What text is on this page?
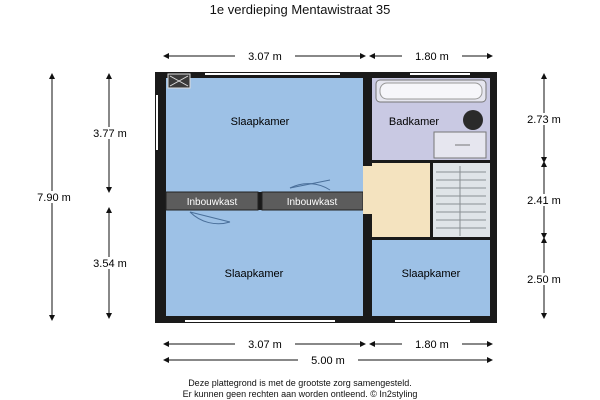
1e verdieping Mentawistraat 35
Slaapkamer	Badkamer
Inbouwkast	Inbouwkast
Slaapkamer	Slaapkamer
3.07 m	1.80 m
3.07 m	1.80 m
5.00 m
7.90 m
3.77 m
3.54 m
2.73 m
2.41 m
2.50 m
Deze plattegrond is met de grootste zorg samengesteld.
Er kunnen geen rechten aan worden ontleend. © In2styling
